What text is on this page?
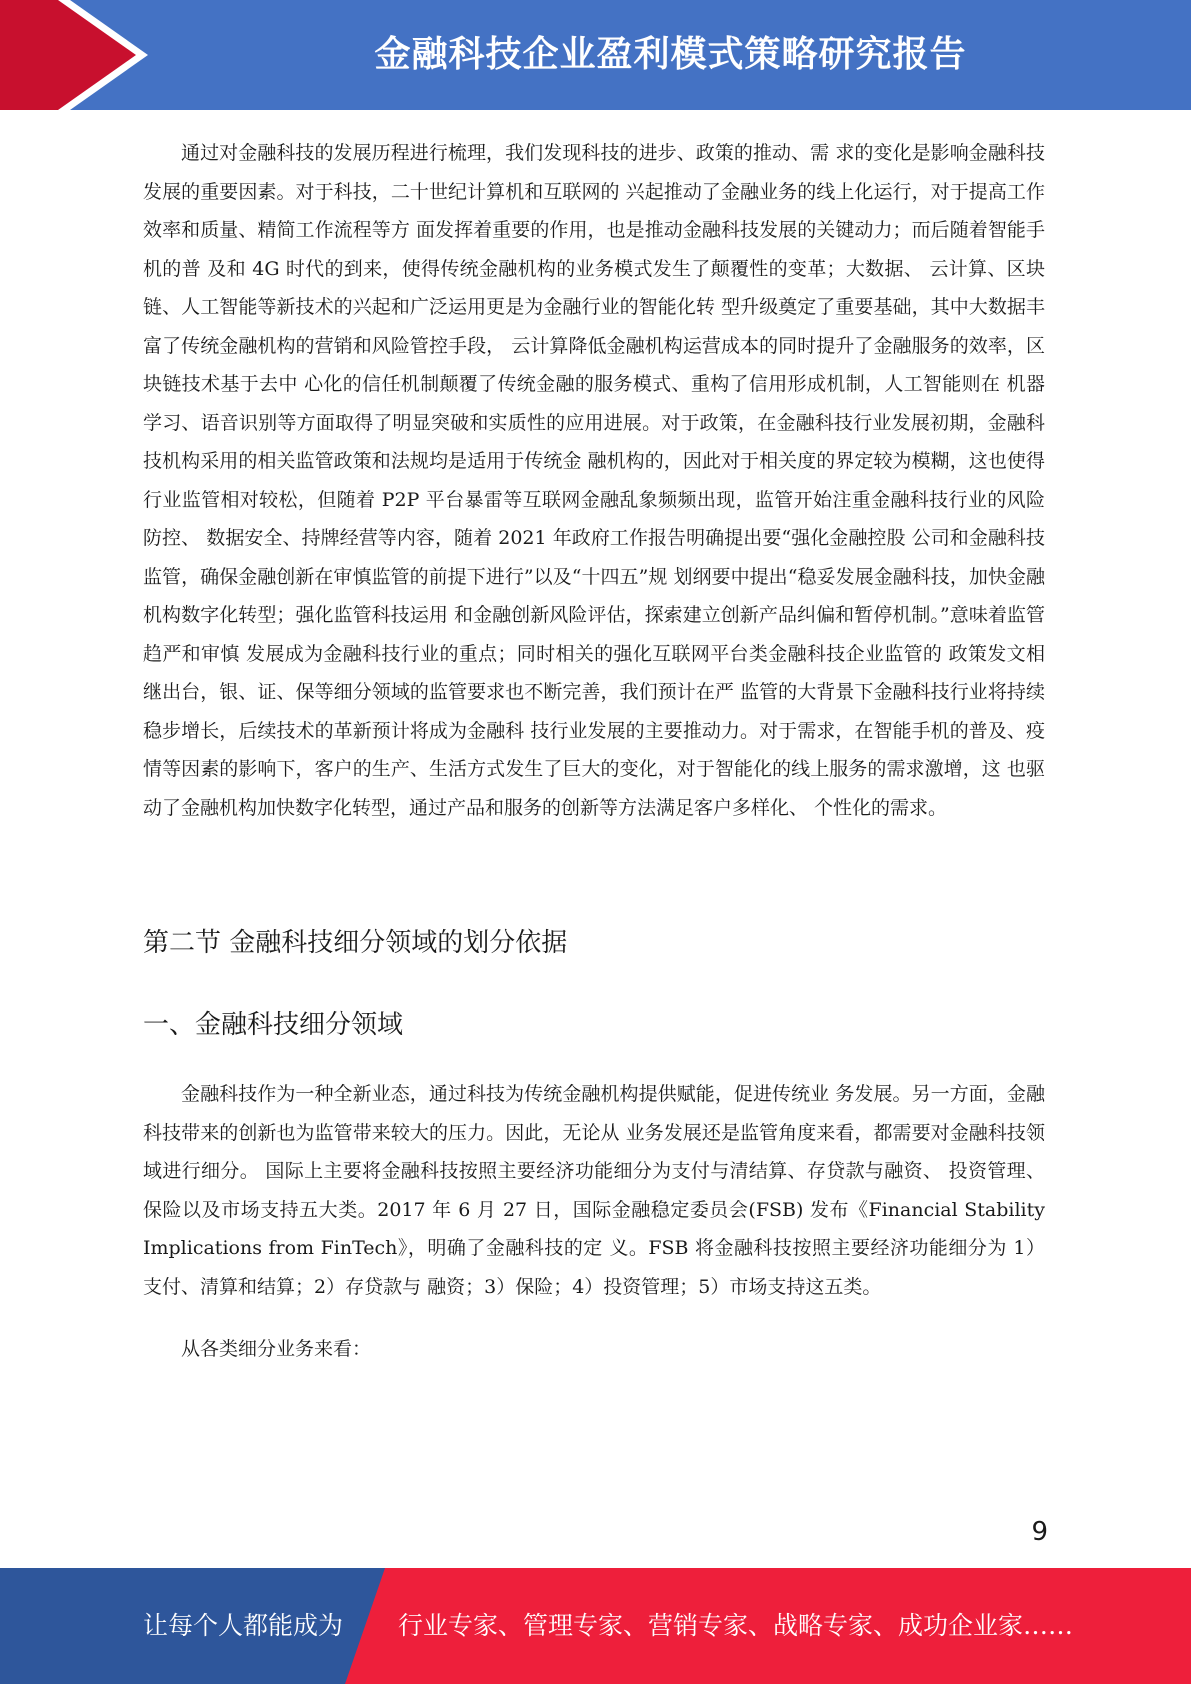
金融科技企业盈利模式策略研究报告

通过对金融科技的发展历程进行梳理，我们发现科技的进步、政策的推动、需 求的变化是影响金融科技发展的重要因素。对于科技，二十世纪计算机和互联网的 兴起推动了金融业务的线上化运行，对于提高工作效率和质量、精简工作流程等方 面发挥着重要的作用，也是推动金融科技发展的关键动力；而后随着智能手机的普 及和 4G 时代的到来，使得传统金融机构的业务模式发生了颠覆性的变革；大数据、 云计算、区块链、人工智能等新技术的兴起和广泛运用更是为金融行业的智能化转 型升级奠定了重要基础，其中大数据丰富了传统金融机构的营销和风险管控手段， 云计算降低金融机构运营成本的同时提升了金融服务的效率，区块链技术基于去中 心化的信任机制颠覆了传统金融的服务模式、重构了信用形成机制，人工智能则在 机器学习、语音识别等方面取得了明显突破和实质性的应用进展。对于政策，在金融科技行业发展初期，金融科技机构采用的相关监管政策和法规均是适用于传统金 融机构的，因此对于相关度的界定较为模糊，这也使得行业监管相对较松，但随着 P2P 平台暴雷等互联网金融乱象频频出现，监管开始注重金融科技行业的风险防控、 数据安全、持牌经营等内容，随着 2021 年政府工作报告明确提出要“强化金融控股 公司和金融科技监管，确保金融创新在审慎监管的前提下进行”以及“十四五”规 划纲要中提出“稳妥发展金融科技，加快金融机构数字化转型；强化监管科技运用 和金融创新风险评估，探索建立创新产品纠偏和暂停机制。”意味着监管趋严和审慎 发展成为金融科技行业的重点；同时相关的强化互联网平台类金融科技企业监管的 政策发文相继出台，银、证、保等细分领域的监管要求也不断完善，我们预计在严 监管的大背景下金融科技行业将持续稳步增长，后续技术的革新预计将成为金融科 技行业发展的主要推动力。对于需求，在智能手机的普及、疫情等因素的影响下，客户的生产、生活方式发生了巨大的变化，对于智能化的线上服务的需求激增，这 也驱动了金融机构加快数字化转型，通过产品和服务的创新等方法满足客户多样化、 个性化的需求。

第二节 金融科技细分领域的划分依据
一、金融科技细分领域

金融科技作为一种全新业态，通过科技为传统金融机构提供赋能，促进传统业 务发展。另一方面，金融科技带来的创新也为监管带来较大的压力。因此，无论从 业务发展还是监管角度来看，都需要对金融科技领域进行细分。 国际上主要将金融科技按照主要经济功能细分为支付与清结算、存贷款与融资、 投资管理、保险以及市场支持五大类。2017 年 6 月 27 日，国际金融稳定委员会(FSB) 发布《Financial Stability Implications from FinTech》，明确了金融科技的定 义。FSB 将金融科技按照主要经济功能细分为 1）支付、清算和结算；2）存贷款与 融资；3）保险；4）投资管理；5）市场支持这五类。

从各类细分业务来看：

9
让每个人都能成为 行业专家、管理专家、营销专家、战略专家、成功企业家……
